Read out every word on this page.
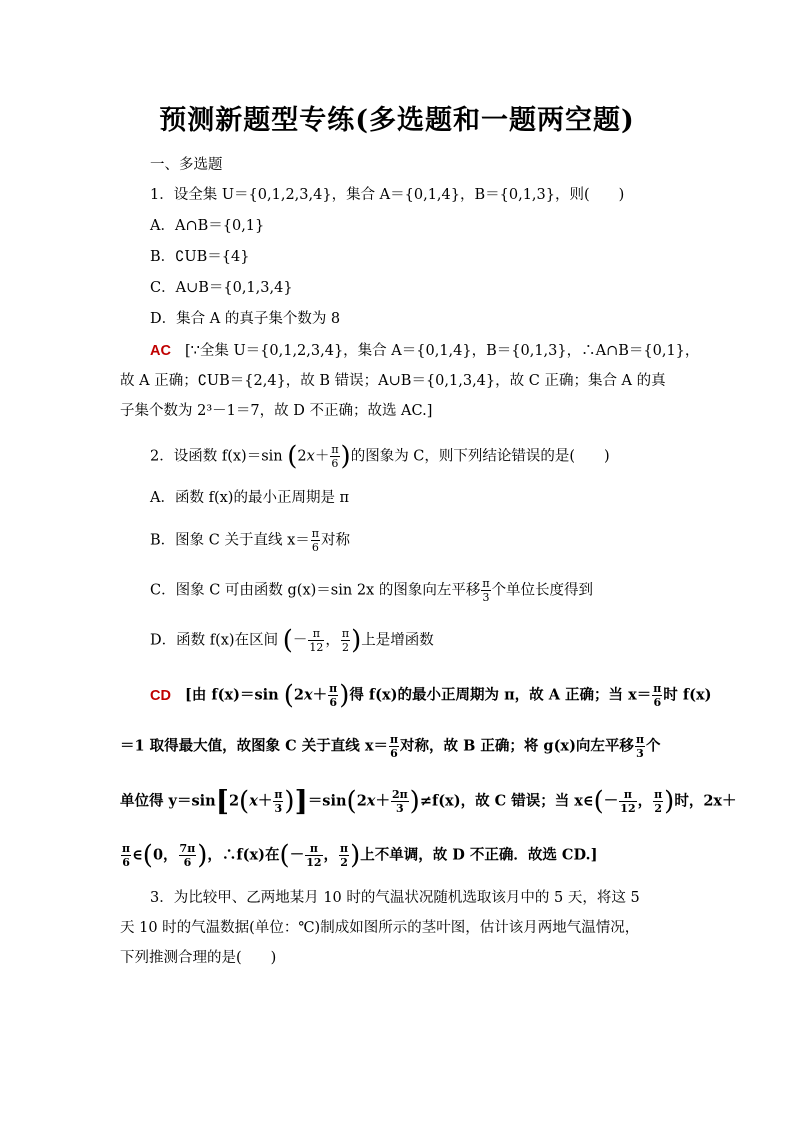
预测新题型专练(多选题和一题两空题)
一、多选题
1．设全集 U＝{0,1,2,3,4}，集合 A＝{0,1,4}，B＝{0,1,3}，则(　　)
A．A∩B＝{0,1}
B．∁UB＝{4}
C．A∪B＝{0,1,3,4}
D．集合 A 的真子集个数为 8
AC [∵全集 U＝{0,1,2,3,4}，集合 A＝{0,1,4}，B＝{0,1,3}，∴A∩B＝{0,1}，
故 A 正确；∁UB＝{2,4}，故 B 错误；A∪B＝{0,1,3,4}，故 C 正确；集合 A 的真
子集个数为 2³－1＝7，故 D 不正确；故选 AC.]
2．设函数 f(x)＝sin ($2x+ \frac{\pi}{6}$ )的图象为 C，则下列结论错误的是(　　)
A．函数 f(x)的最小正周期是 π
B．图象 C 关于直线 $x= \frac{\pi}{6}$ 对称
C．图象 C 可由函数 g(x)＝sin 2x 的图象向左平移 $\frac{\pi}{3}$ 个单位长度得到
D．函数 f(x)在区间 (－ $\frac{\pi}{12}$ ， $\frac{\pi}{2}$ )上是增函数
CD [由 f(x)＝sin ($2x+ \frac{\pi}{6}$ )得 f(x)的最小正周期为 π，故 A 正确；当 $x= \frac{\pi}{6}$ 时 f(x)
＝1 取得最大值，故图象 C 关于直线 $x= \frac{\pi}{6}$ 对称，故 B 正确；将 g(x)向左平移 $\frac{\pi}{3}$ 个
单位得 $y=\sin[2(x+ \frac{\pi}{3} )]=\sin(2x+ \frac{2\pi}{3} )\ne f(x)$，故 C 错误；当 x∈(－ $\frac{\pi}{12}$ ， $\frac{\pi}{2}$ )时，2x＋
$\frac{\pi}{6}$ ∈(0， $\frac{7\pi}{6}$ )，∴f(x)在(－ $\frac{\pi}{12}$ ， $\frac{\pi}{2}$ )上不单调，故 D 不正确．故选 CD.]
3．为比较甲、乙两地某月 10 时的气温状况随机选取该月中的 5 天，将这 5
天 10 时的气温数据(单位：℃)制成如图所示的茎叶图，估计该月两地气温情况，
下列推测合理的是(　　)
